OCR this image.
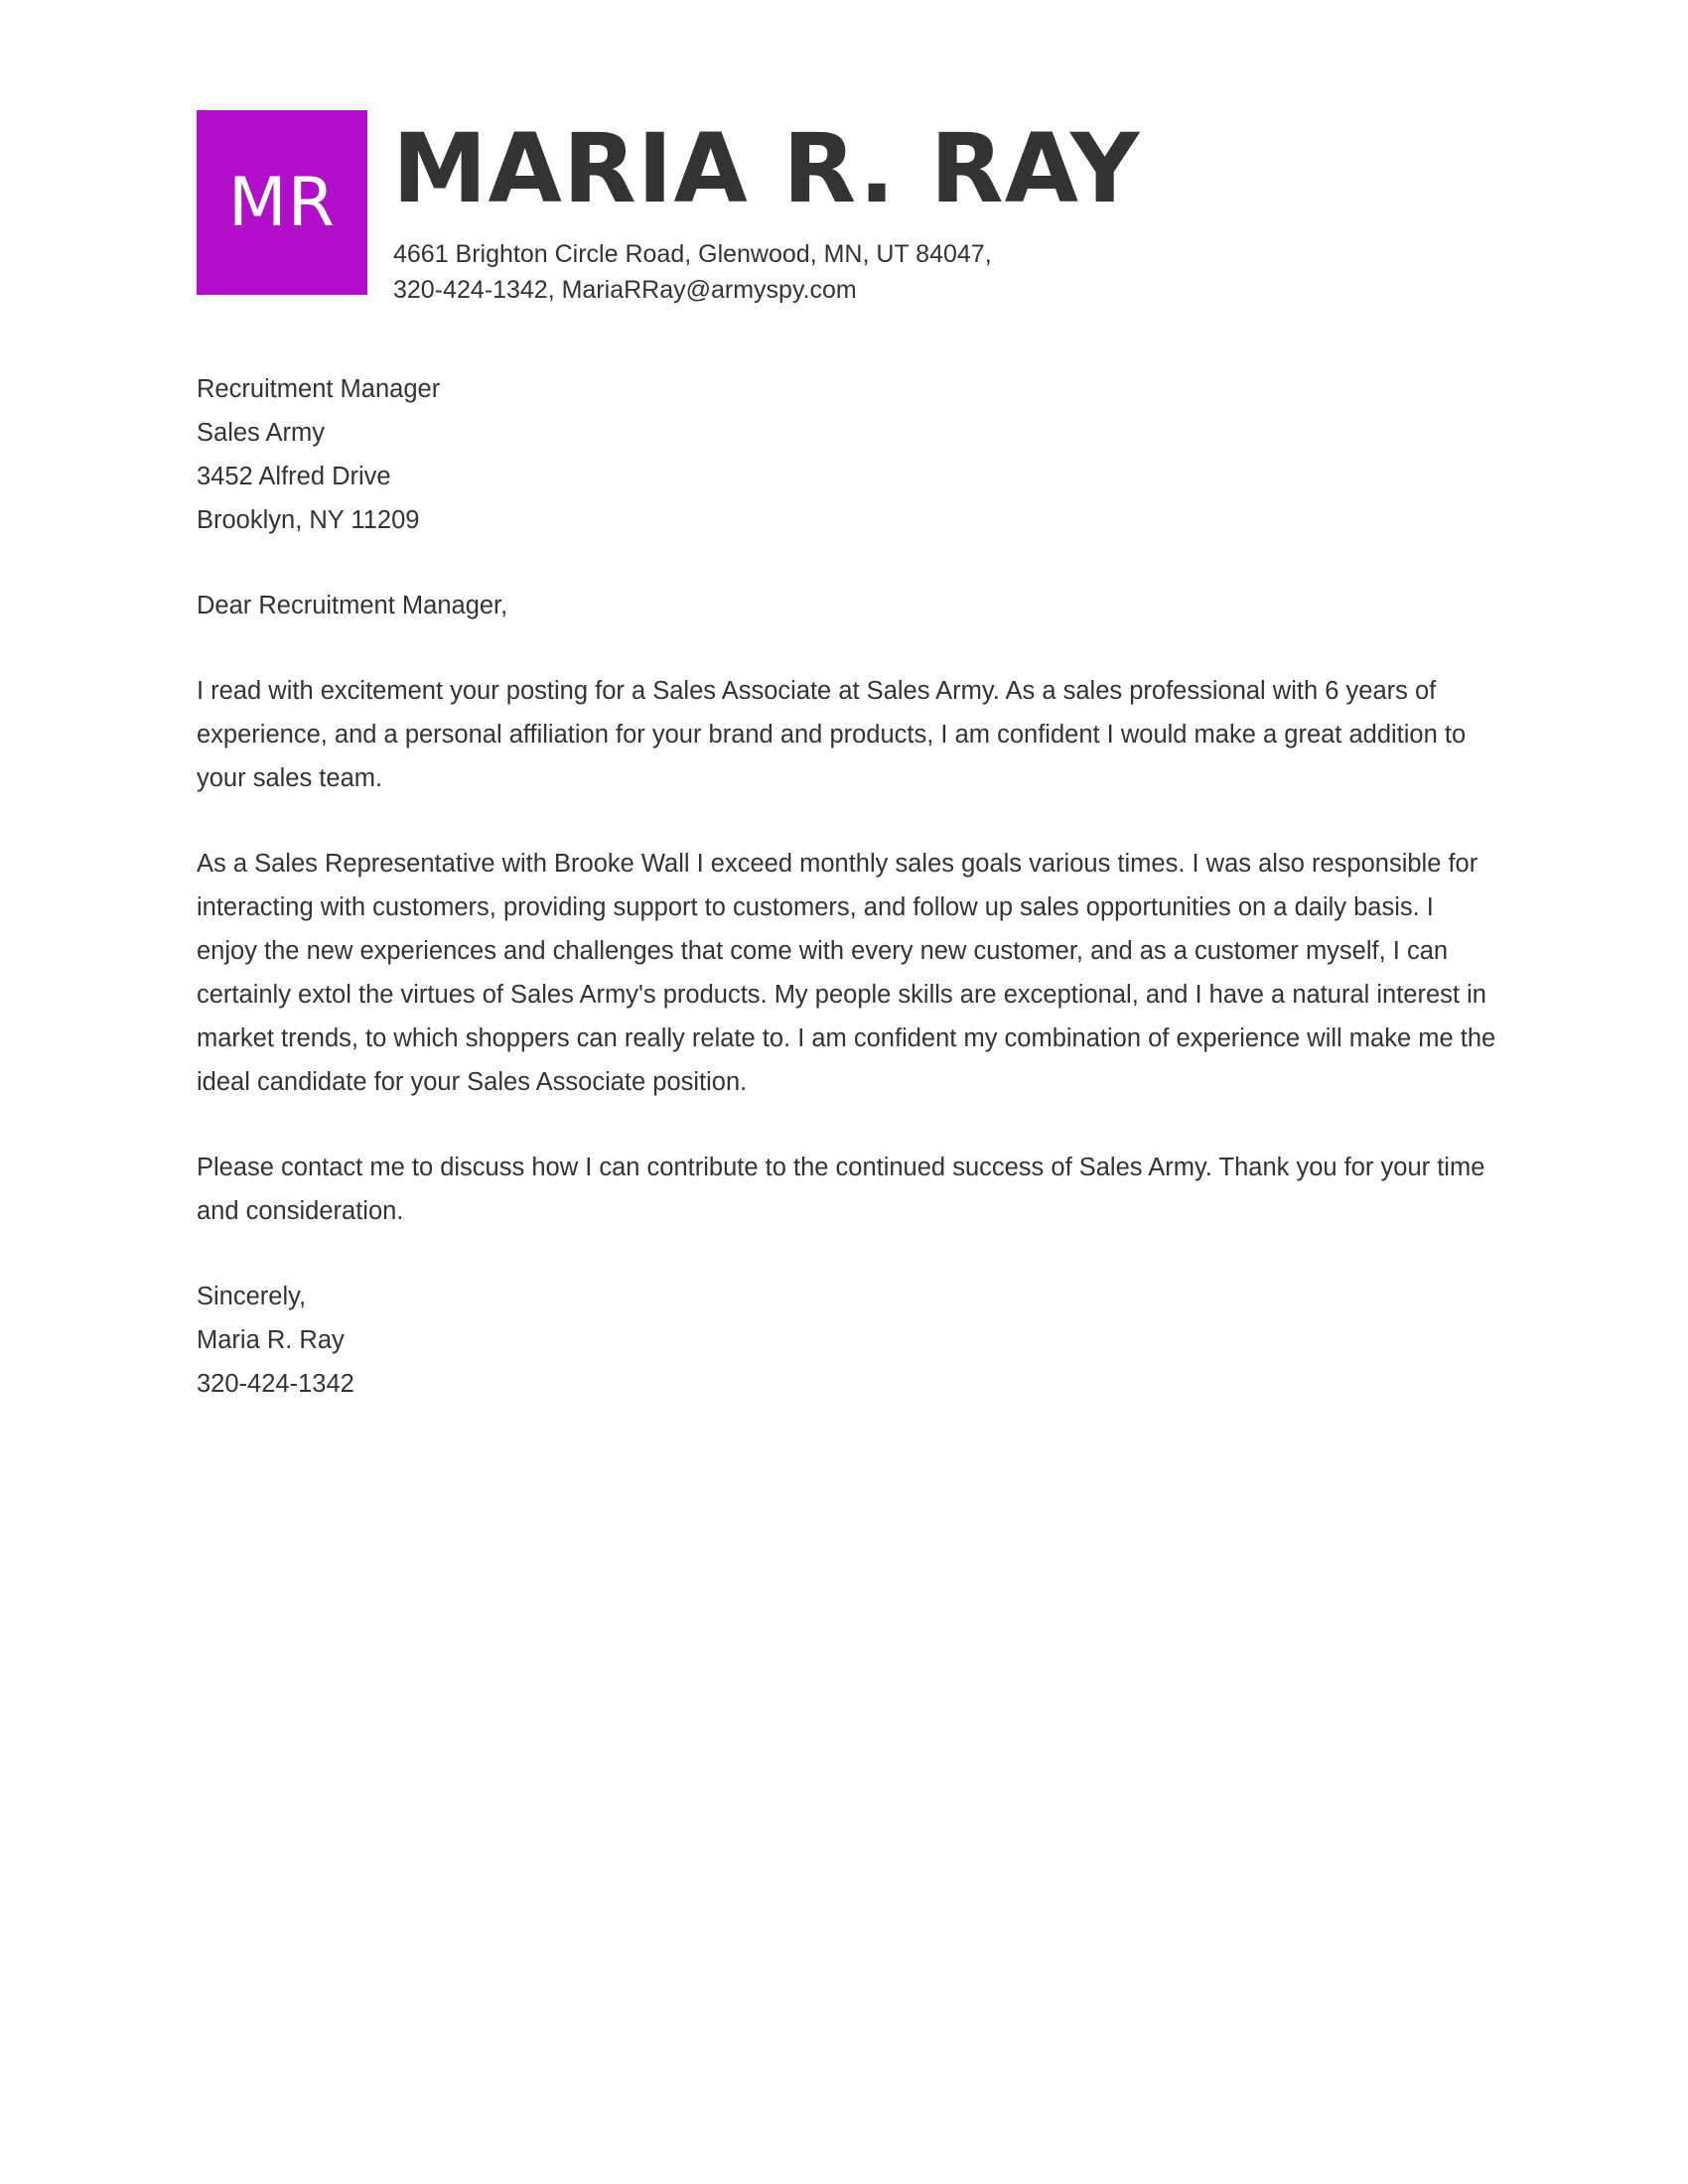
MR MARIA R. RAY
4661 Brighton Circle Road, Glenwood, MN, UT 84047,
320-424-1342, MariaRRay@armyspy.com

Recruitment Manager
Sales Army
3452 Alfred Drive
Brooklyn, NY 11209

Dear Recruitment Manager,

I read with excitement your posting for a Sales Associate at Sales Army. As a sales professional with 6 years of experience, and a personal affiliation for your brand and products, I am confident I would make a great addition to your sales team.

As a Sales Representative with Brooke Wall I exceed monthly sales goals various times. I was also responsible for interacting with customers, providing support to customers, and follow up sales opportunities on a daily basis. I enjoy the new experiences and challenges that come with every new customer, and as a customer myself, I can certainly extol the virtues of Sales Army's products. My people skills are exceptional, and I have a natural interest in market trends, to which shoppers can really relate to. I am confident my combination of experience will make me the ideal candidate for your Sales Associate position.

Please contact me to discuss how I can contribute to the continued success of Sales Army. Thank you for your time and consideration.

Sincerely,
Maria R. Ray
320-424-1342
